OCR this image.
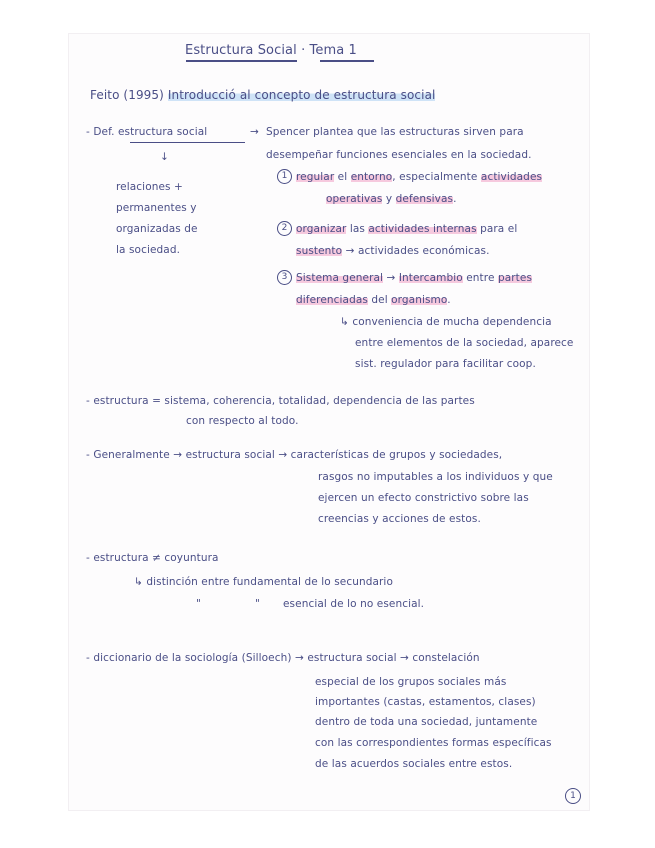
Estructura Social · Tema 1
Feito (1995) Introducció al concepto de estructura social
- Def. estructura social	→ Spencer plantea que las estructuras sirven para
desempeñar funciones esenciales en la sociedad.
↓
relaciones +
permanentes y
organizadas de
la sociedad.
1 regular el entorno, especialmente actividades
operativas y defensivas.
2 organizar las actividades internas para el
sustento → actividades económicas.
3 Sistema general → Intercambio entre partes
diferenciadas del organismo.
↳ conveniencia de mucha dependencia
entre elementos de la sociedad, aparece
sist. regulador para facilitar coop.
- estructura = sistema, coherencia, totalidad, dependencia de las partes
con respecto al todo.
- Generalmente → estructura social → características de grupos y sociedades,
rasgos no imputables a los individuos y que
ejercen un efecto constrictivo sobre las
creencias y acciones de estos.
- estructura ≠ coyuntura
↳ distinción entre fundamental de lo secundario
"	" esencial de lo no esencial.
- diccionario de la sociología (Silloech) → estructura social → constelación
especial de los grupos sociales más
importantes (castas, estamentos, clases)
dentro de toda una sociedad, juntamente
con las correspondientes formas específicas
de las acuerdos sociales entre estos.
1
